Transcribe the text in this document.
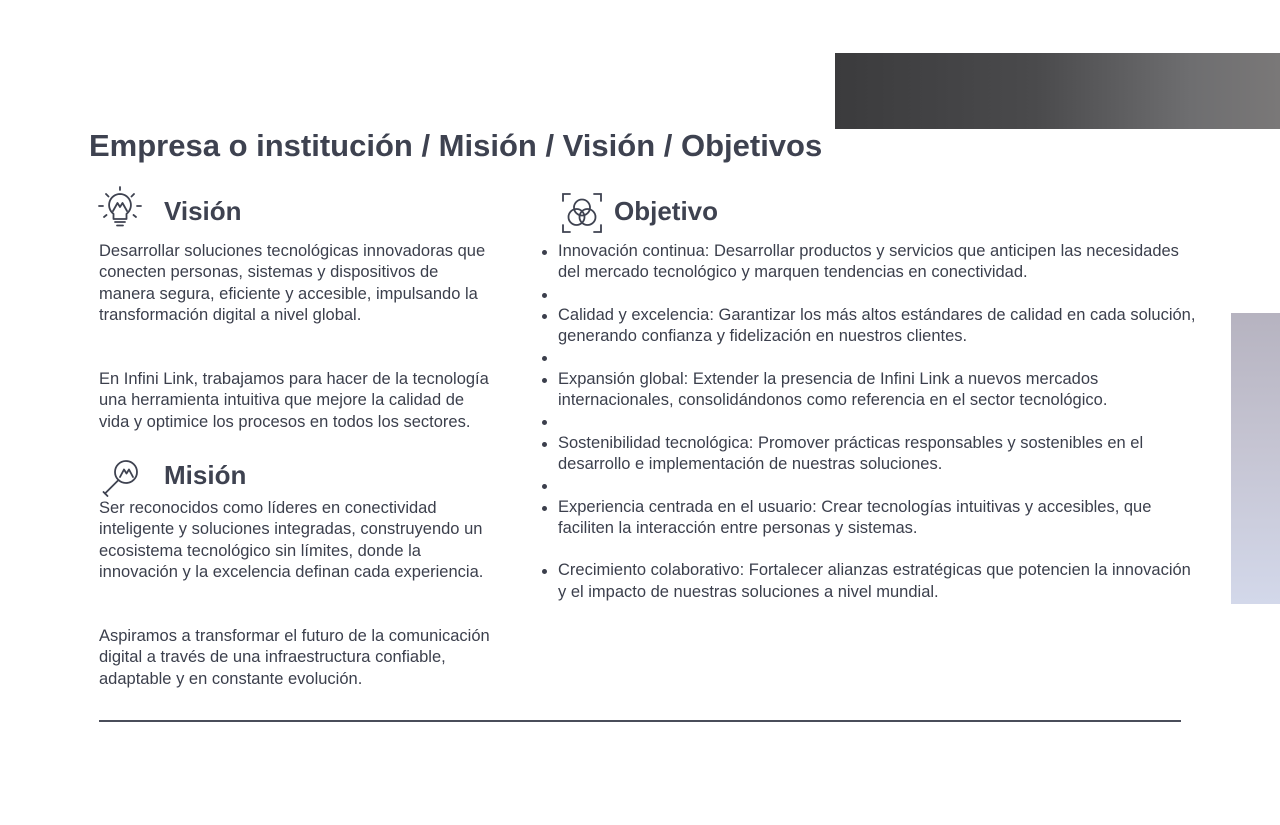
Empresa o institución / Misión / Visión / Objetivos
Visión

Desarrollar soluciones tecnológicas innovadoras que conecten personas, sistemas y dispositivos de manera segura, eficiente y accesible, impulsando la transformación digital a nivel global.

En Infini Link, trabajamos para hacer de la tecnología una herramienta intuitiva que mejore la calidad de vida y optimice los procesos en todos los sectores.

Misión

Ser reconocidos como líderes en conectividad inteligente y soluciones integradas, construyendo un ecosistema tecnológico sin límites, donde la innovación y la excelencia definan cada experiencia.

Aspiramos a transformar el futuro de la comunicación digital a través de una infraestructura confiable, adaptable y en constante evolución.

Objetivo
Innovación continua: Desarrollar productos y servicios que anticipen las necesidades del mercado tecnológico y marquen tendencias en conectividad.
Calidad y excelencia: Garantizar los más altos estándares de calidad en cada solución, generando confianza y fidelización en nuestros clientes.
Expansión global: Extender la presencia de Infini Link a nuevos mercados internacionales, consolidándonos como referencia en el sector tecnológico.
Sostenibilidad tecnológica: Promover prácticas responsables y sostenibles en el desarrollo e implementación de nuestras soluciones.
Experiencia centrada en el usuario: Crear tecnologías intuitivas y accesibles, que faciliten la interacción entre personas y sistemas.
Crecimiento colaborativo: Fortalecer alianzas estratégicas que potencien la innovación y el impacto de nuestras soluciones a nivel mundial.
